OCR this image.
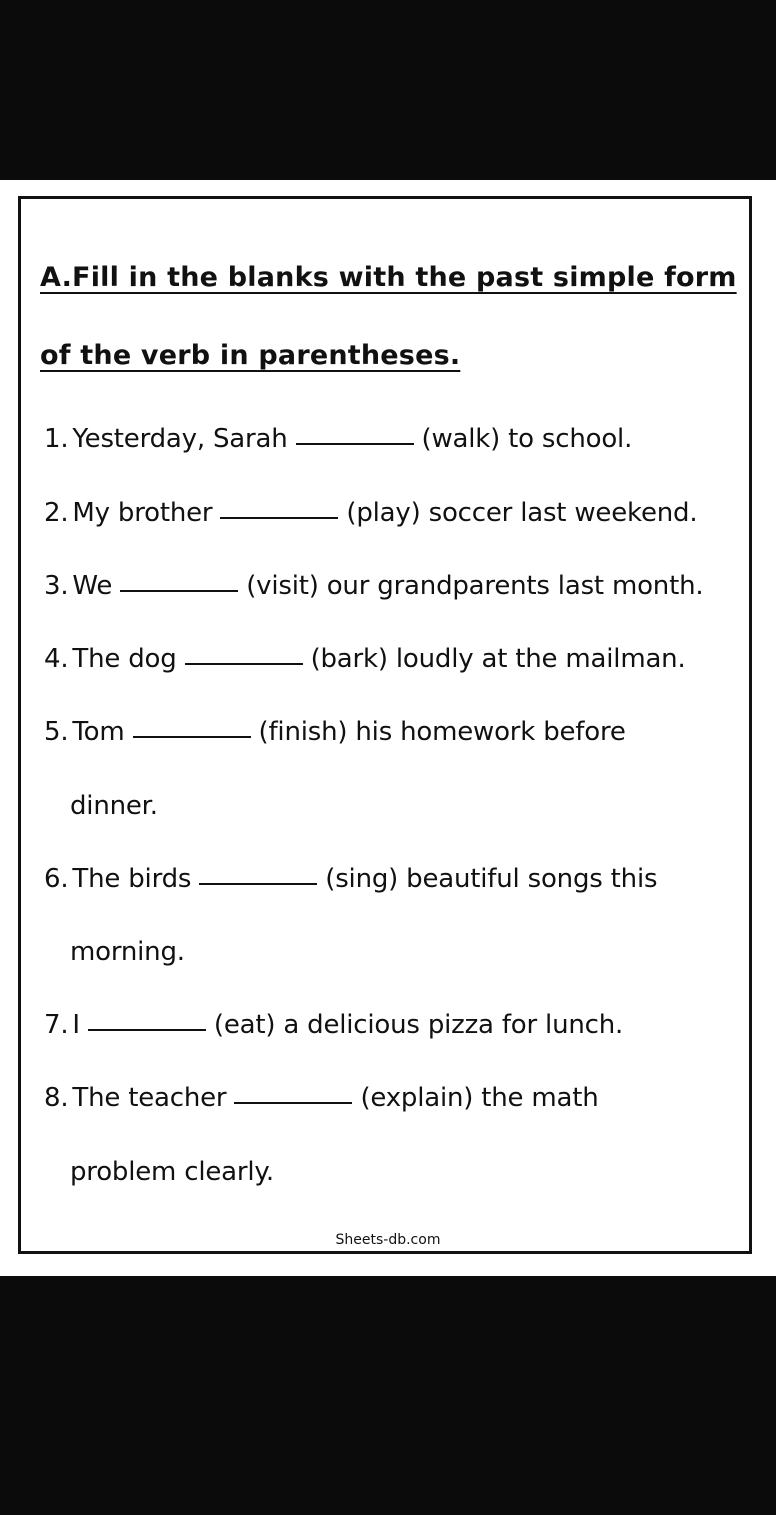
A.Fill in the blanks with the past simple form
of the verb in parentheses.
1. Yesterday, Sarah	(walk) to school.
2. My brother	(play) soccer last weekend.
3. We	(visit) our grandparents last month.
4. The dog	(bark) loudly at the mailman.
5. Tom	(finish) his homework before
dinner.
6. The birds	(sing) beautiful songs this
morning.
7. I	(eat) a delicious pizza for lunch.
8. The teacher	(explain) the math
problem clearly.
Sheets-db.com
